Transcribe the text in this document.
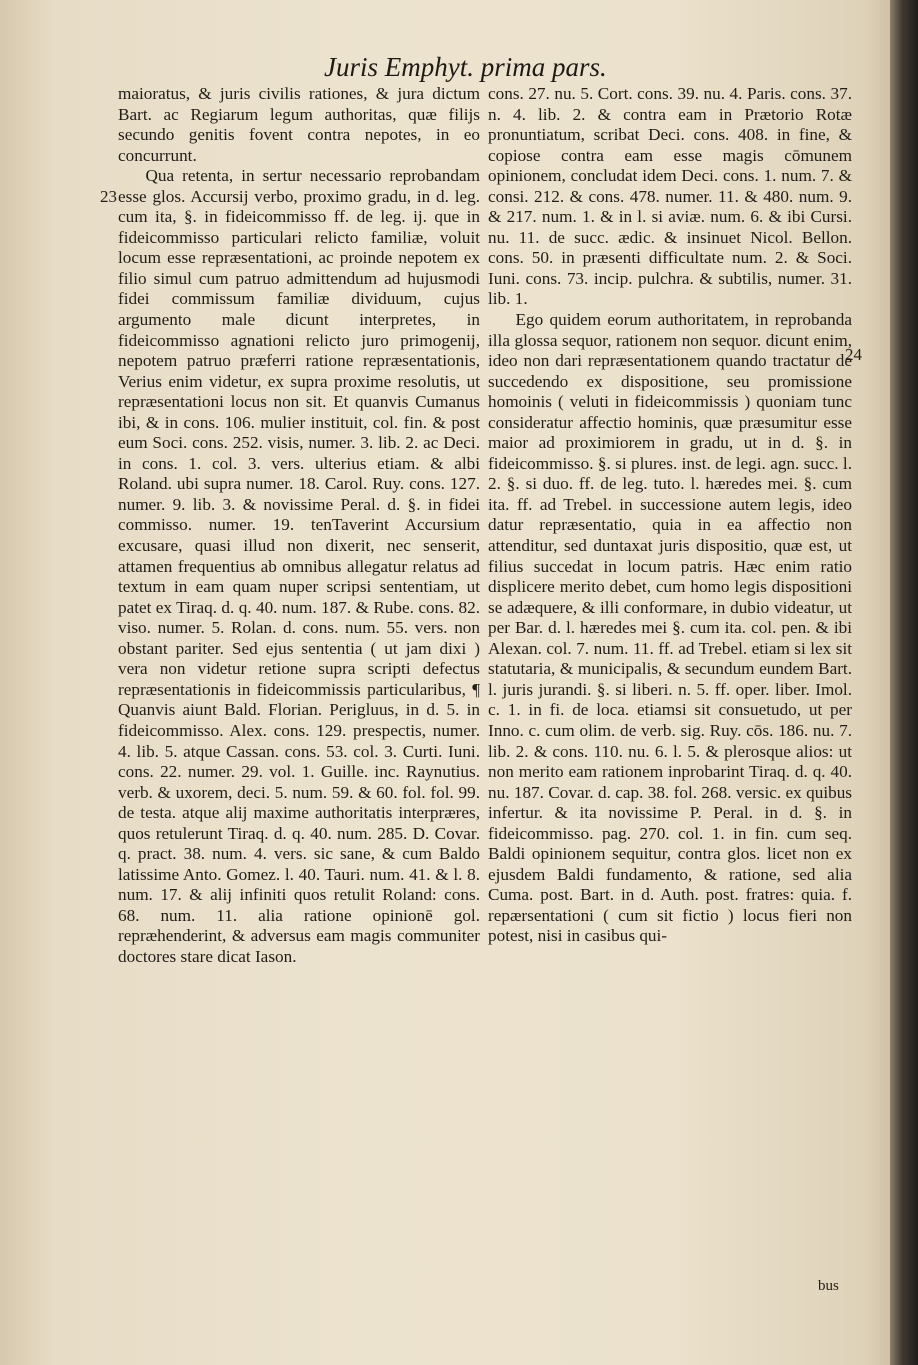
Juris Emphyt. prima pars.
23
24

maioratus, & juris civilis rationes, & jura dictum Bart. ac Regiarum legum authoritas, quæ filijs secundo genitis fovent contra nepotes, in eo concurrunt.

Qua retenta, in sertur necessario reprobandam esse glos. Accursij verbo, proximo gradu, in d. leg. cum ita, §. in fideicommisso ff. de leg. ij. que in fideicommisso particulari relicto familiæ, voluit locum esse repræsentationi, ac proinde nepotem ex filio simul cum patruo admittendum ad hujusmodi fidei commissum familiæ dividuum, cujus argumento male dicunt interpretes, in fideicommisso agnationi relicto juro primogenij, nepotem patruo præferri ratione repræsentationis, Verius enim videtur, ex supra proxime resolutis, ut repræsentationi locus non sit. Et quanvis Cumanus ibi, & in cons. 106. mulier instituit, col. fin. & post eum Soci. cons. 252. visis, numer. 3. lib. 2. ac Deci. in cons. 1. col. 3. vers. ulterius etiam. & albi Roland. ubi supra numer. 18. Carol. Ruy. cons. 127. numer. 9. lib. 3. & novissime Peral. d. §. in fidei commisso. numer. 19. tenTaverint Accursium excusare, quasi illud non dixerit, nec senserit, attamen frequentius ab omnibus allegatur relatus ad textum in eam quam nuper scripsi sententiam, ut patet ex Tiraq. d. q. 40. num. 187. & Rube. cons. 82. viso. numer. 5. Rolan. d. cons. num. 55. vers. non obstant pariter. Sed ejus sententia ( ut jam dixi ) vera non videtur retione supra scripti defectus repræsentationis in fideicommissis particularibus, ¶ Quanvis aiunt Bald. Florian. Perigluus, in d. 5. in fideicommisso. Alex. cons. 129. prespectis, numer. 4. lib. 5. atque Cassan. cons. 53. col. 3. Curti. Iuni. cons. 22. numer. 29. vol. 1. Guille. inc. Raynutius. verb. & uxorem, deci. 5. num. 59. & 60. fol. fol. 99. de testa. atque alij maxime authoritatis interpræres, quos retulerunt Tiraq. d. q. 40. num. 285. D. Covar. q. pract. 38. num. 4. vers. sic sane, & cum Baldo latissime Anto. Gomez. l. 40. Tauri. num. 41. & l. 8. num. 17. & alij infiniti quos retulit Roland: cons. 68. num. 11. alia ratione opinionē gol. repræhenderint, & adversus eam magis communiter doctores stare dicat Iason.

cons. 27. nu. 5. Cort. cons. 39. nu. 4. Paris. cons. 37. n. 4. lib. 2. & contra eam in Prætorio Rotæ pronuntiatum, scribat Deci. cons. 408. in fine, & copiose contra eam esse magis cōmunem opinionem, concludat idem Deci. cons. 1. num. 7. & consi. 212. & cons. 478. numer. 11. & 480. num. 9. & 217. num. 1. & in l. si aviæ. num. 6. & ibi Cursi. nu. 11. de succ. ædic. & insinuet Nicol. Bellon. cons. 50. in præsenti difficultate num. 2. & Soci. Iuni. cons. 73. incip. pulchra. & subtilis, numer. 31. lib. 1.

Ego quidem eorum authoritatem, in reprobanda illa glossa sequor, rationem non sequor. dicunt enim, ideo non dari repræsentationem quando tractatur de succedendo ex dispositione, seu promissione homoinis ( veluti in fideicommissis ) quoniam tunc consideratur affectio hominis, quæ præsumitur esse maior ad proximiorem in gradu, ut in d. §. in fideicommisso. §. si plures. inst. de legi. agn. succ. l. 2. §. si duo. ff. de leg. tuto. l. hæredes mei. §. cum ita. ff. ad Trebel. in successione autem legis, ideo datur repræsentatio, quia in ea affectio non attenditur, sed duntaxat juris dispositio, quæ est, ut filius succedat in locum patris. Hæc enim ratio displicere merito debet, cum homo legis dispositioni se adæquere, & illi conformare, in dubio videatur, ut per Bar. d. l. hæredes mei §. cum ita. col. pen. & ibi Alexan. col. 7. num. 11. ff. ad Trebel. etiam si lex sit statutaria, & municipalis, & secundum eundem Bart. l. juris jurandi. §. si liberi. n. 5. ff. oper. liber. Imol. c. 1. in fi. de loca. etiamsi sit consuetudo, ut per Inno. c. cum olim. de verb. sig. Ruy. cōs. 186. nu. 7. lib. 2. & cons. 110. nu. 6. l. 5. & plerosque alios: ut non merito eam rationem inprobarint Tiraq. d. q. 40. nu. 187. Covar. d. cap. 38. fol. 268. versic. ex quibus infertur. & ita novissime P. Peral. in d. §. in fideicommisso. pag. 270. col. 1. in fin. cum seq. Baldi opinionem sequitur, contra glos. licet non ex ejusdem Baldi fundamento, & ratione, sed alia Cuma. post. Bart. in d. Auth. post. fratres: quia. f. repærsentationi ( cum sit fictio ) locus fieri non potest, nisi in casibus qui-

bus
